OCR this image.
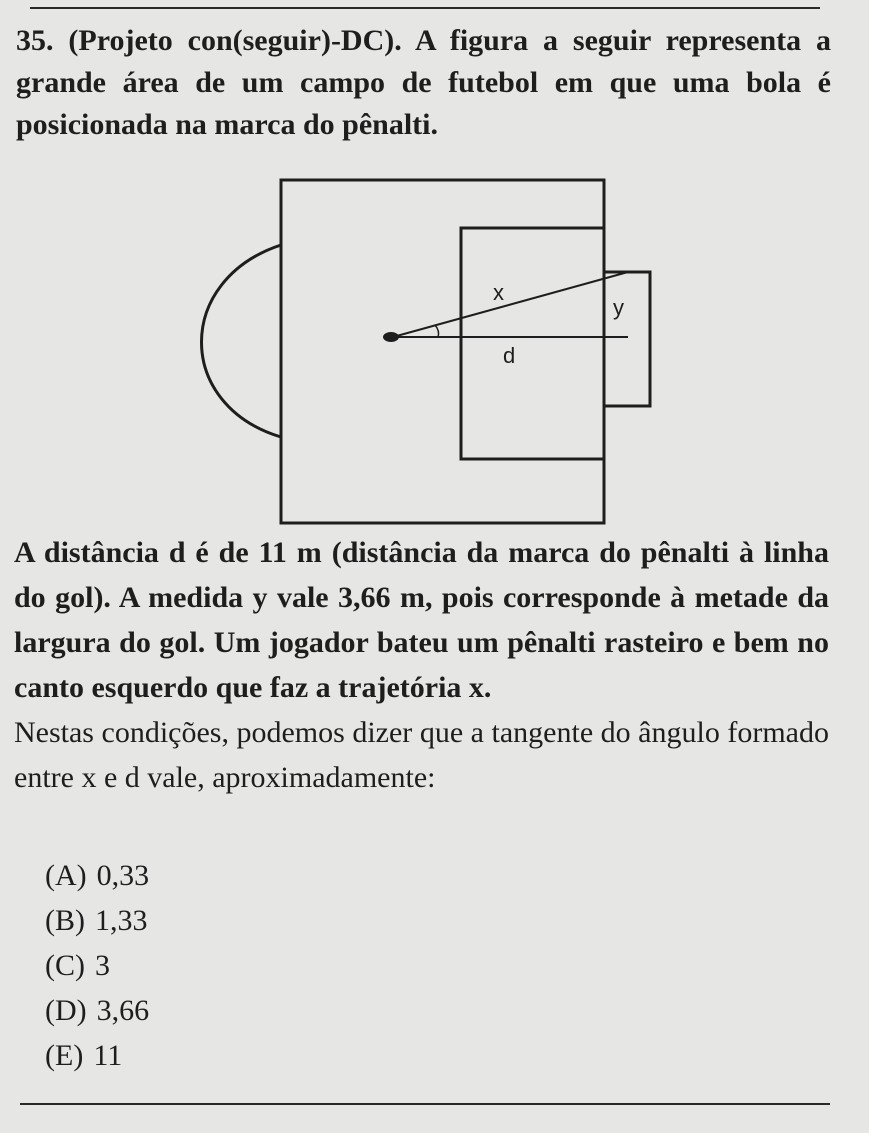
35. (Projeto con(seguir)-DC). A figura a seguir representa a grande área de um campo de futebol em que uma bola é posicionada na marca do pênalti.

x
y
d

A distância d é de 11 m (distância da marca do pênalti à linha do gol). A medida y vale 3,66 m, pois corresponde à metade da largura do gol. Um jogador bateu um pênalti rasteiro e bem no canto esquerdo que faz a trajetória x.

Nestas condições, podemos dizer que a tangente do ângulo formado entre x e d vale, aproximadamente:

(A) 0,33
(B) 1,33
(C) 3
(D) 3,66
(E) 11
